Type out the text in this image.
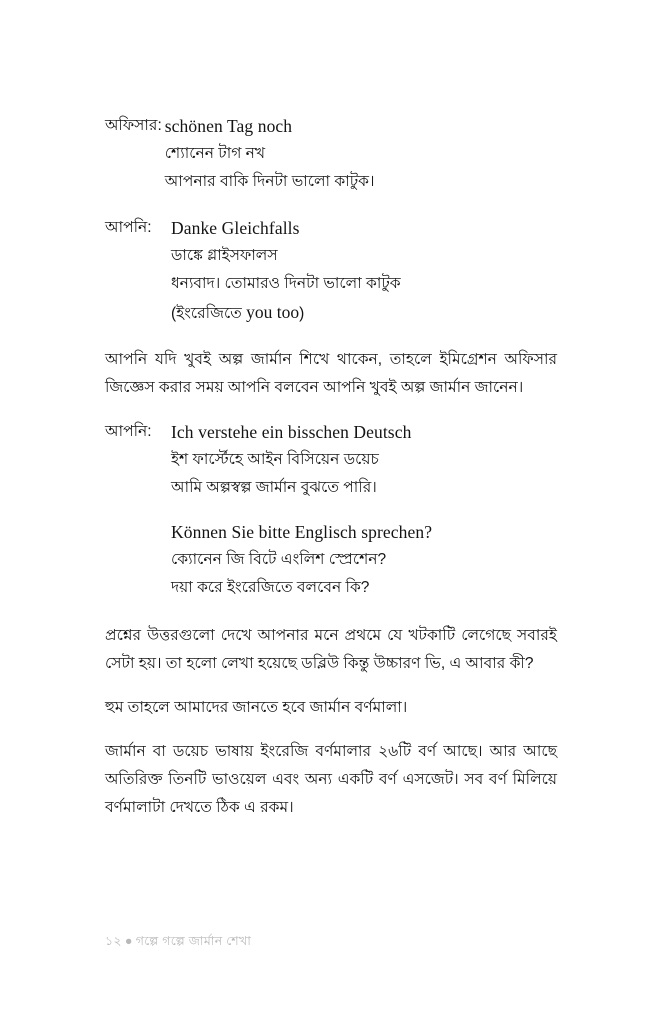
অফিসার: schönen Tag noch
শ্যোনেন টাগ নখ
আপনার বাকি দিনটা ভালো কাটুক।
আপনি:	Danke Gleichfalls
ডাঙ্কে গ্লাইসফালস
ধন্যবাদ। তোমারও দিনটা ভালো কাটুক
(ইংরেজিতে you too)

আপনি যদি খুবই অল্প জার্মান শিখে থাকেন, তাহলে ইমিগ্রেশন অফিসার জিজ্ঞেস করার সময় আপনি বলবেন আপনি খুবই অল্প জার্মান জানেন।

আপনি:	Ich verstehe ein bisschen Deutsch
ইশ ফার্স্টেহে আইন বিসিয়েন ডয়েচ
আমি অল্পস্বল্প জার্মান বুঝতে পারি।
Können Sie bitte Englisch sprechen?
ক্যোনেন জি বিটে এংলিশ স্প্রেশেন?
দয়া করে ইংরেজিতে বলবেন কি?

প্রশ্নের উত্তরগুলো দেখে আপনার মনে প্রথমে যে খটকাটি লেগেছে সবারই সেটা হয়। তা হলো লেখা হয়েছে ডব্লিউ কিন্তু উচ্চারণ ভি, এ আবার কী?

হুম তাহলে আমাদের জানতে হবে জার্মান বর্ণমালা।

জার্মান বা ডয়েচ ভাষায় ইংরেজি বর্ণমালার ২৬টি বর্ণ আছে। আর আছে অতিরিক্ত তিনটি ভাওয়েল এবং অন্য একটি বর্ণ এসজেট। সব বর্ণ মিলিয়ে বর্ণমালাটা দেখতে ঠিক এ রকম।

১২ ● গল্পে গল্পে জার্মান শেখা
